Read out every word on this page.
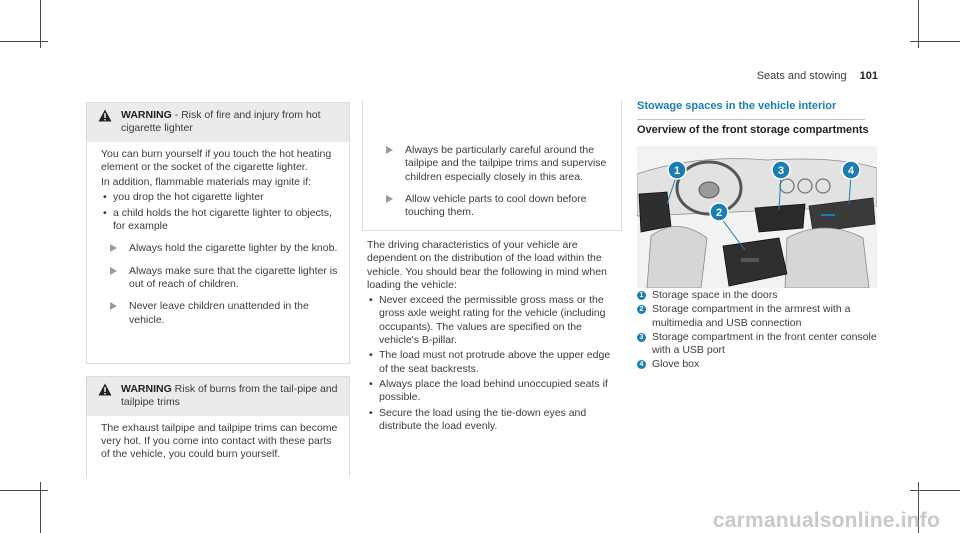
Seats and stowing 101
WARNING - Risk of fire and injury from hot cigarette lighter

You can burn yourself if you touch the hot heating element or the socket of the cigarette lighter.

In addition, flammable materials may ignite if:

• you drop the hot cigarette lighter
• a child holds the hot cigarette lighter to objects, for example
Always hold the cigarette lighter by the knob.
Always make sure that the cigarette lighter is out of reach of children.
Never leave children unattended in the vehicle.
WARNING Risk of burns from the tail-pipe and tailpipe trims

The exhaust tailpipe and tailpipe trims can become very hot. If you come into contact with these parts of the vehicle, you could burn yourself.

Always be particularly careful around the tailpipe and the tailpipe trims and supervise children especially closely in this area.
Allow vehicle parts to cool down before touching them.

The driving characteristics of your vehicle are dependent on the distribution of the load within the vehicle. You should bear the following in mind when loading the vehicle:

• Never exceed the permissible gross mass or the gross axle weight rating for the vehicle (including occupants). The values are specified on the vehicle's B-pillar.
• The load must not protrude above the upper edge of the seat backrests.
• Always place the load behind unoccupied seats if possible.
• Secure the load using the tie-down eyes and distribute the load evenly.
Stowage spaces in the vehicle interior
Overview of the front storage compartments
1
2
3	4
1 Storage space in the doors
2 Storage compartment in the armrest with a multimedia and USB connection
3 Storage compartment in the front center console with a USB port
4 Glove box
carmanualsonline.info
